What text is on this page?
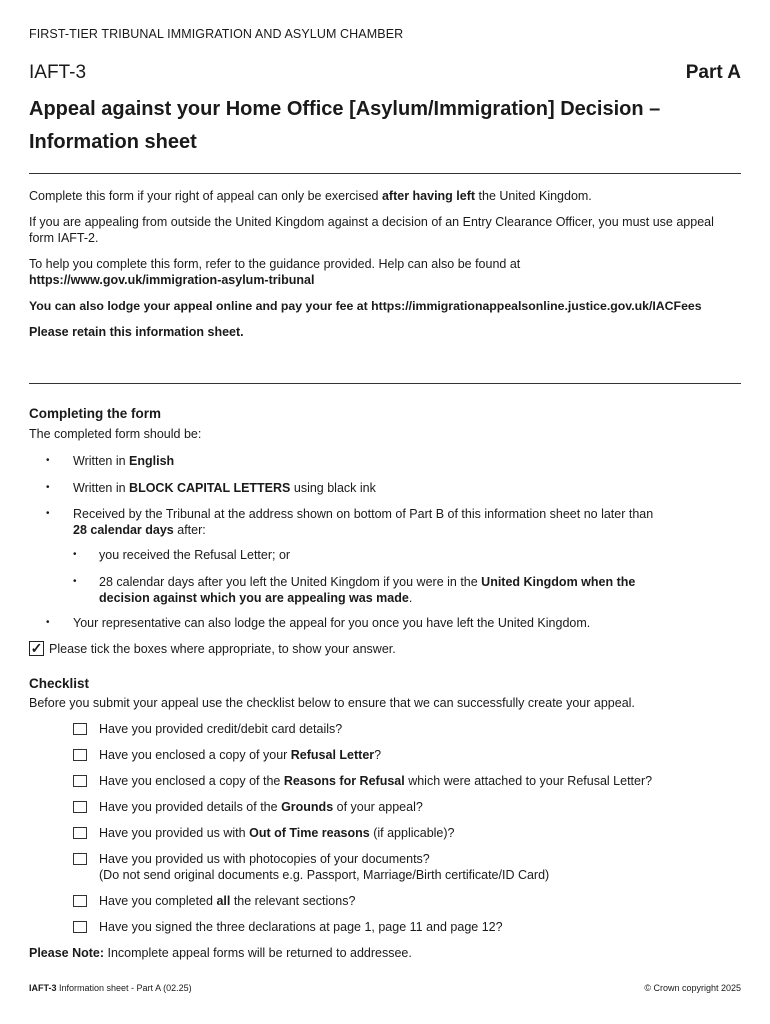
FIRST-TIER TRIBUNAL IMMIGRATION AND ASYLUM CHAMBER
IAFT-3	Part A
Appeal against your Home Office [Asylum/Immigration] Decision –
Information sheet
Complete this form if your right of appeal can only be exercised after having left the United Kingdom.
If you are appealing from outside the United Kingdom against a decision of an Entry Clearance Officer, you must use appeal
form IAFT-2.
To help you complete this form, refer to the guidance provided. Help can also be found at
https://www.gov.uk/immigration-asylum-tribunal
You can also lodge your appeal online and pay your fee at https://immigrationappealsonline.justice.gov.uk/IACFees
Please retain this information sheet.
Completing the form
The completed form should be:
• Written in English
• Written in BLOCK CAPITAL LETTERS using black ink
• Received by the Tribunal at the address shown on bottom of Part B of this information sheet no later than
28 calendar days after:
• you received the Refusal Letter; or
• 28 calendar days after you left the United Kingdom if you were in the United Kingdom when the
decision against which you are appealing was made.
• Your representative can also lodge the appeal for you once you have left the United Kingdom.
✓ Please tick the boxes where appropriate, to show your answer.
Checklist
Before you submit your appeal use the checklist below to ensure that we can successfully create your appeal.
Have you provided credit/debit card details?
Have you enclosed a copy of your Refusal Letter?
Have you enclosed a copy of the Reasons for Refusal which were attached to your Refusal Letter?
Have you provided details of the Grounds of your appeal?
Have you provided us with Out of Time reasons (if applicable)?
Have you provided us with photocopies of your documents?
(Do not send original documents e.g. Passport, Marriage/Birth certificate/ID Card)
Have you completed all the relevant sections?
Have you signed the three declarations at page 1, page 11 and page 12?
Please Note: Incomplete appeal forms will be returned to addressee.
IAFT-3 Information sheet - Part A (02.25)	© Crown copyright 2025
